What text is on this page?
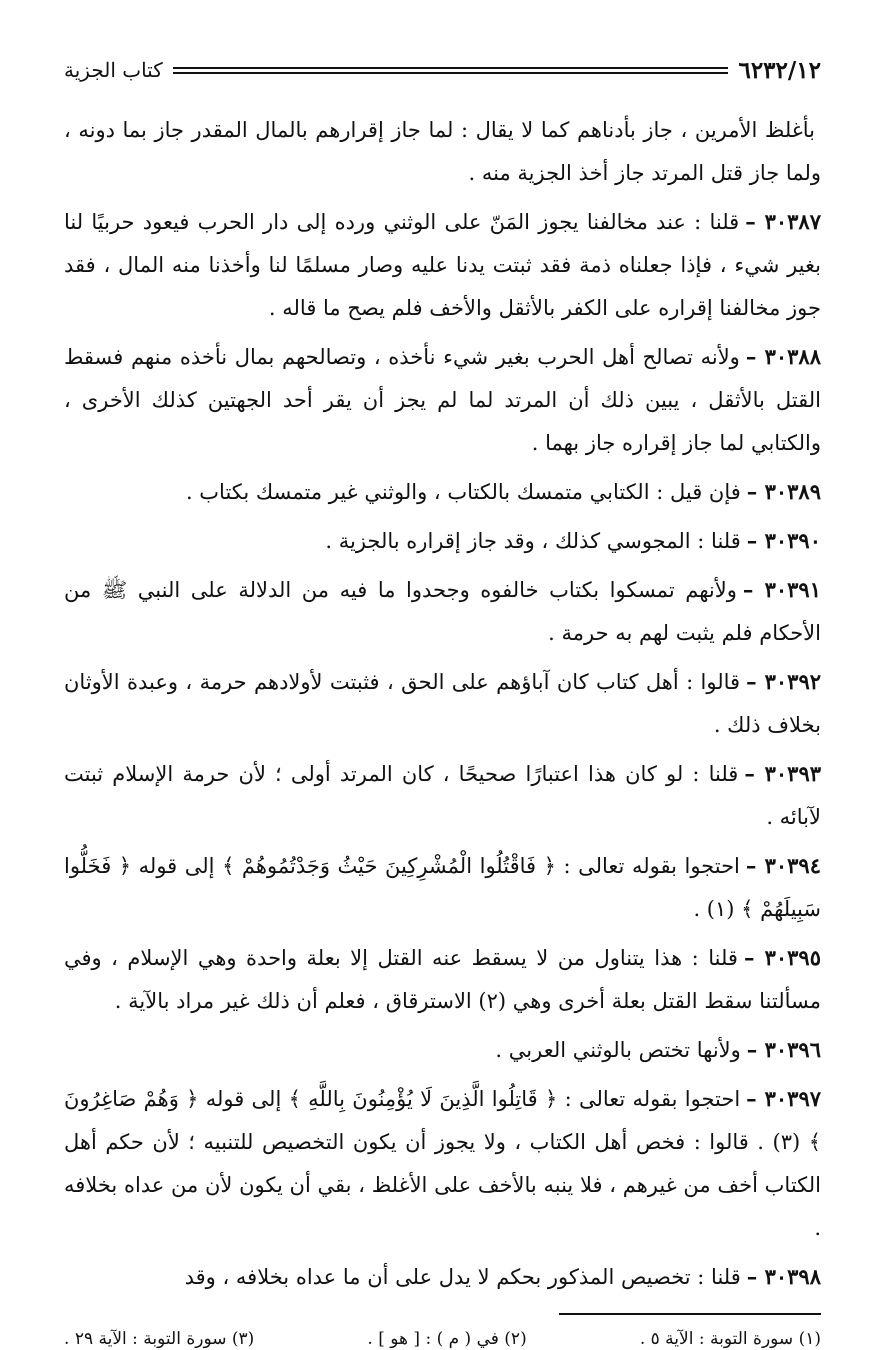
٦٢٣٢/١٢
كتاب الجزية

بأغلظ الأمرين ، جاز بأدناهم كما لا يقال : لما جاز إقرارهم بالمال المقدر جاز بما دونه ، ولما جاز قتل المرتد جاز أخذ الجزية منه .

٣٠٣٨٧ –قلنا : عند مخالفنا يجوز المَنّ على الوثني ورده إلى دار الحرب فيعود حربيًا لنا بغير شيء ، فإذا جعلناه ذمة فقد ثبتت يدنا عليه وصار مسلمًا لنا وأخذنا منه المال ، فقد جوز مخالفنا إقراره على الكفر بالأثقل والأخف فلم يصح ما قاله .

٣٠٣٨٨ –ولأنه تصالح أهل الحرب بغير شيء نأخذه ، وتصالحهم بمال نأخذه منهم فسقط القتل بالأثقل ، يبين ذلك أن المرتد لما لم يجز أن يقر أحد الجهتين كذلك الأخرى ، والكتابي لما جاز إقراره جاز بهما .

٣٠٣٨٩ –فإن قيل : الكتابي متمسك بالكتاب ، والوثني غير متمسك بكتاب .

٣٠٣٩٠ –قلنا : المجوسي كذلك ، وقد جاز إقراره بالجزية .

٣٠٣٩١ –ولأنهم تمسكوا بكتاب خالفوه وجحدوا ما فيه من الدلالة على النبي ﷺ من الأحكام فلم يثبت لهم به حرمة .

٣٠٣٩٢ –قالوا : أهل كتاب كان آباؤهم على الحق ، فثبتت لأولادهم حرمة ، وعبدة الأوثان بخلاف ذلك .

٣٠٣٩٣ –قلنا : لو كان هذا اعتبارًا صحيحًا ، كان المرتد أولى ؛ لأن حرمة الإسلام ثبتت لآبائه .

٣٠٣٩٤ –احتجوا بقوله تعالى : ﴿ فَاقْتُلُوا الْمُشْرِكِينَ حَيْثُ وَجَدْتُمُوهُمْ ﴾ إلى قوله ﴿ فَخَلُّوا سَبِيلَهُمْ ﴾ (١) .

٣٠٣٩٥ –قلنا : هذا يتناول من لا يسقط عنه القتل إلا بعلة واحدة وهي الإسلام ، وفي مسألتنا سقط القتل بعلة أخرى وهي (٢) الاسترقاق ، فعلم أن ذلك غير مراد بالآية .

٣٠٣٩٦ –ولأنها تختص بالوثني العربي .

٣٠٣٩٧ –احتجوا بقوله تعالى : ﴿ قَاتِلُوا الَّذِينَ لَا يُؤْمِنُونَ بِاللَّهِ ﴾ إلى قوله ﴿ وَهُمْ صَاغِرُونَ ﴾ (٣) . قالوا : فخص أهل الكتاب ، ولا يجوز أن يكون التخصيص للتنبيه ؛ لأن حكم أهل الكتاب أخف من غيرهم ، فلا ينبه بالأخف على الأغلظ ، بقي أن يكون لأن من عداه بخلافه .

٣٠٣٩٨ –قلنا : تخصيص المذكور بحكم لا يدل على أن ما عداه بخلافه ، وقد

(١) سورة التوبة : الآية ٥ .
(٢) في ( م ) : [ هو ] .
(٣) سورة التوبة : الآية ٢٩ .
